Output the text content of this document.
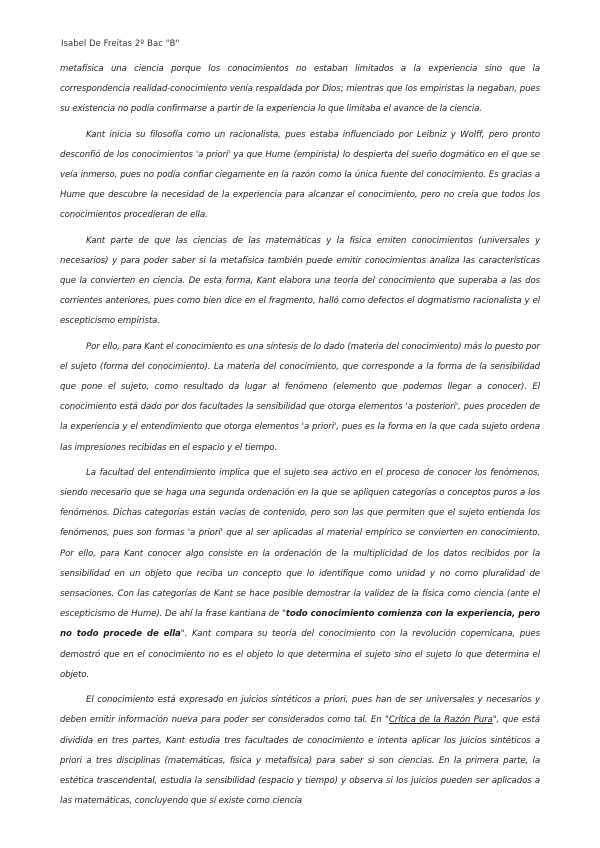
Isabel De Freitas 2º Bac "B"

metafísica una ciencia porque los conocimientos no estaban limitados a la experiencia sino que la correspondencia realidad-conocimiento venía respaldada por Dios; mientras que los empiristas la negaban, pues su existencia no podía confirmarse a partir de la experiencia lo que limitaba el avance de la ciencia.

Kant inicia su filosofía como un racionalista, pues estaba influenciado por Leibniz y Wolff, pero pronto desconfió de los conocimientos 'a priori' ya que Hume (empirista) lo despierta del sueño dogmático en el que se veía inmerso, pues no podía confiar ciegamente en la razón como la única fuente del conocimiento. Es gracias a Hume que descubre la necesidad de la experiencia para alcanzar el conocimiento, pero no creía que todos los conocimientos procedieran de ella.

Kant parte de que las ciencias de las matemáticas y la física emiten conocimientos (universales y necesarios) y para poder saber si la metafísica también puede emitir conocimientos analiza las características que la convierten en ciencia. De esta forma, Kant elabora una teoría del conocimiento que superaba a las dos corrientes anteriores, pues como bien dice en el fragmento, halló como defectos el dogmatismo racionalista y el escepticismo empirista.

Por ello, para Kant el conocimiento es una síntesis de lo dado (materia del conocimiento) más lo puesto por el sujeto (forma del conocimiento). La materia del conocimiento, que corresponde a la forma de la sensibilidad que pone el sujeto, como resultado da lugar al fenómeno (elemento que podemos llegar a conocer). El conocimiento está dado por dos facultades la sensibilidad que otorga elementos 'a posteriori', pues proceden de la experiencia y el entendimiento que otorga elementos 'a priori', pues es la forma en la que cada sujeto ordena las impresiones recibidas en el espacio y el tiempo.

La facultad del entendimiento implica que el sujeto sea activo en el proceso de conocer los fenómenos, siendo necesario que se haga una segunda ordenación en la que se apliquen categorías o conceptos puros a los fenómenos. Dichas categorías están vacías de contenido, pero son las que permiten que el sujeto entienda los fenómenos, pues son formas 'a priori' que al ser aplicadas al material empírico se convierten en conocimiento. Por ello, para Kant conocer algo consiste en la ordenación de la multiplicidad de los datos recibidos por la sensibilidad en un objeto que reciba un concepto que lo identifique como unidad y no como pluralidad de sensaciones. Con las categorías de Kant se hace posible demostrar la validez de la física como ciencia (ante el escepticismo de Hume). De ahí la frase kantiana de "todo conocimiento comienza con la experiencia, pero no todo procede de ella". Kant compara su teoría del conocimiento con la revolución copernicana, pues demostró que en el conocimiento no es el objeto lo que determina el sujeto sino el sujeto lo que determina el objeto.

El conocimiento está expresado en juicios sintéticos a priori, pues han de ser universales y necesarios y deben emitir información nueva para poder ser considerados como tal. En "Crítica de la Razón Pura", que está dividida en tres partes, Kant estudia tres facultades de conocimiento e intenta aplicar los juicios sintéticos a priori a tres disciplinas (matemáticas, física y metafísica) para saber si son ciencias. En la primera parte, la estética trascendental, estudia la sensibilidad (espacio y tiempo) y observa si los juicios pueden ser aplicados a las matemáticas, concluyendo que sí existe como ciencia
